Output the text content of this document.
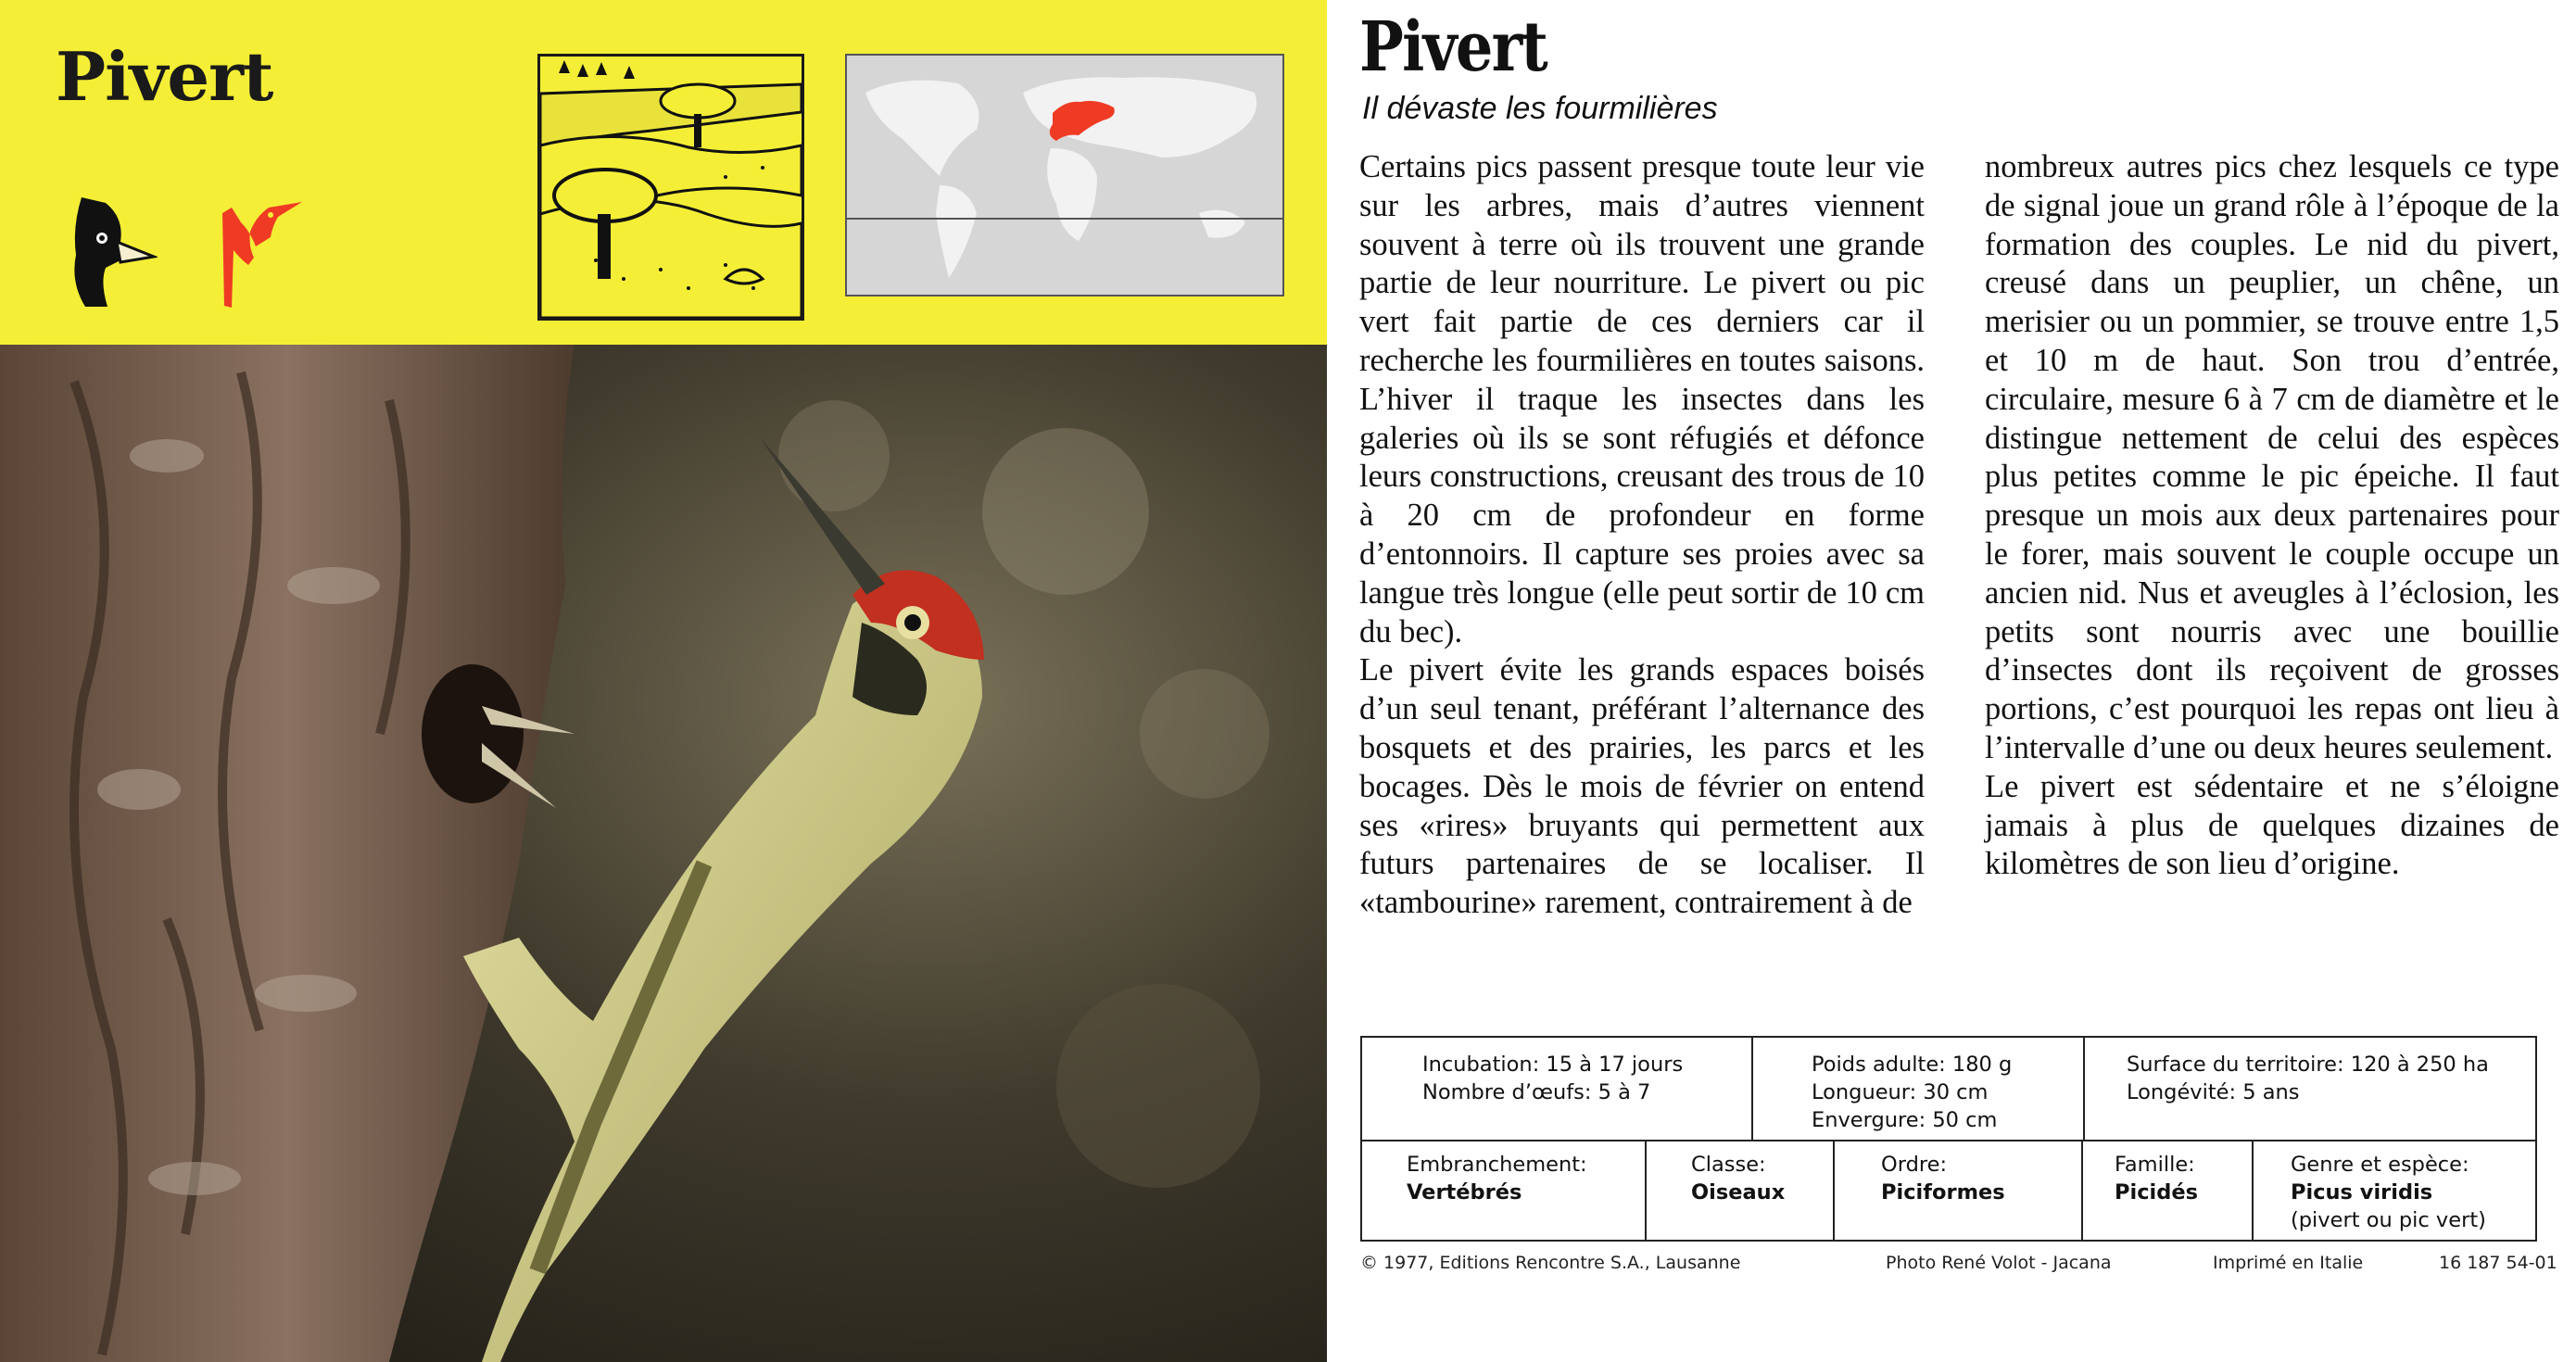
Pivert	Pivert
Il dévaste les fourmilières

Certains pics passent presque toute leur vie sur les arbres, mais d’autres viennent souvent à terre où ils trouvent une grande partie de leur nourriture. Le pivert ou pic vert fait partie de ces derniers car il recherche les fourmilières en toutes saisons. L’hiver il traque les insectes dans les galeries où ils se sont réfugiés et défonce leurs constructions, creusant des trous de 10 à 20 cm de profondeur en forme d’entonnoirs. Il capture ses proies avec sa langue très longue (elle peut sortir de 10 cm du bec).

Le pivert évite les grands espaces boisés d’un seul tenant, préférant l’alternance des bosquets et des prairies, les parcs et les bocages. Dès le mois de février on entend ses «rires» bruyants qui permettent aux futurs partenaires de se localiser. Il «tambourine» rarement, contrairement à de

nombreux autres pics chez lesquels ce type de signal joue un grand rôle à l’époque de la formation des couples. Le nid du pivert, creusé dans un peuplier, un chêne, un merisier ou un pommier, se trouve entre 1,5 et 10 m de haut. Son trou d’entrée, circulaire, mesure 6 à 7 cm de diamètre et le distingue nettement de celui des espèces plus petites comme le pic épeiche. Il faut presque un mois aux deux partenaires pour le forer, mais souvent le couple occupe un ancien nid. Nus et aveugles à l’éclosion, les petits sont nourris avec une bouillie d’insectes dont ils reçoivent de grosses portions, c’est pourquoi les repas ont lieu à l’intervalle d’une ou deux heures seulement.

Le pivert est sédentaire et ne s’éloigne jamais à plus de quelques dizaines de kilomètres de son lieu d’origine.

Incubation: 15 à 17 jours
Nombre d’œufs: 5 à 7
Poids adulte: 180 g
Longueur: 30 cm
Envergure: 50 cm
Surface du territoire: 120 à 250 ha
Longévité: 5 ans
Embranchement:
Vertébrés
Classe:
Oiseaux
Ordre:
Piciformes
Famille:
Picidés
Genre et espèce:
Picus viridis
(pivert ou pic vert)
© 1977, Editions Rencontre S.A., Lausanne	Photo René Volot - Jacana	Imprimé en Italie	16 187 54-01
